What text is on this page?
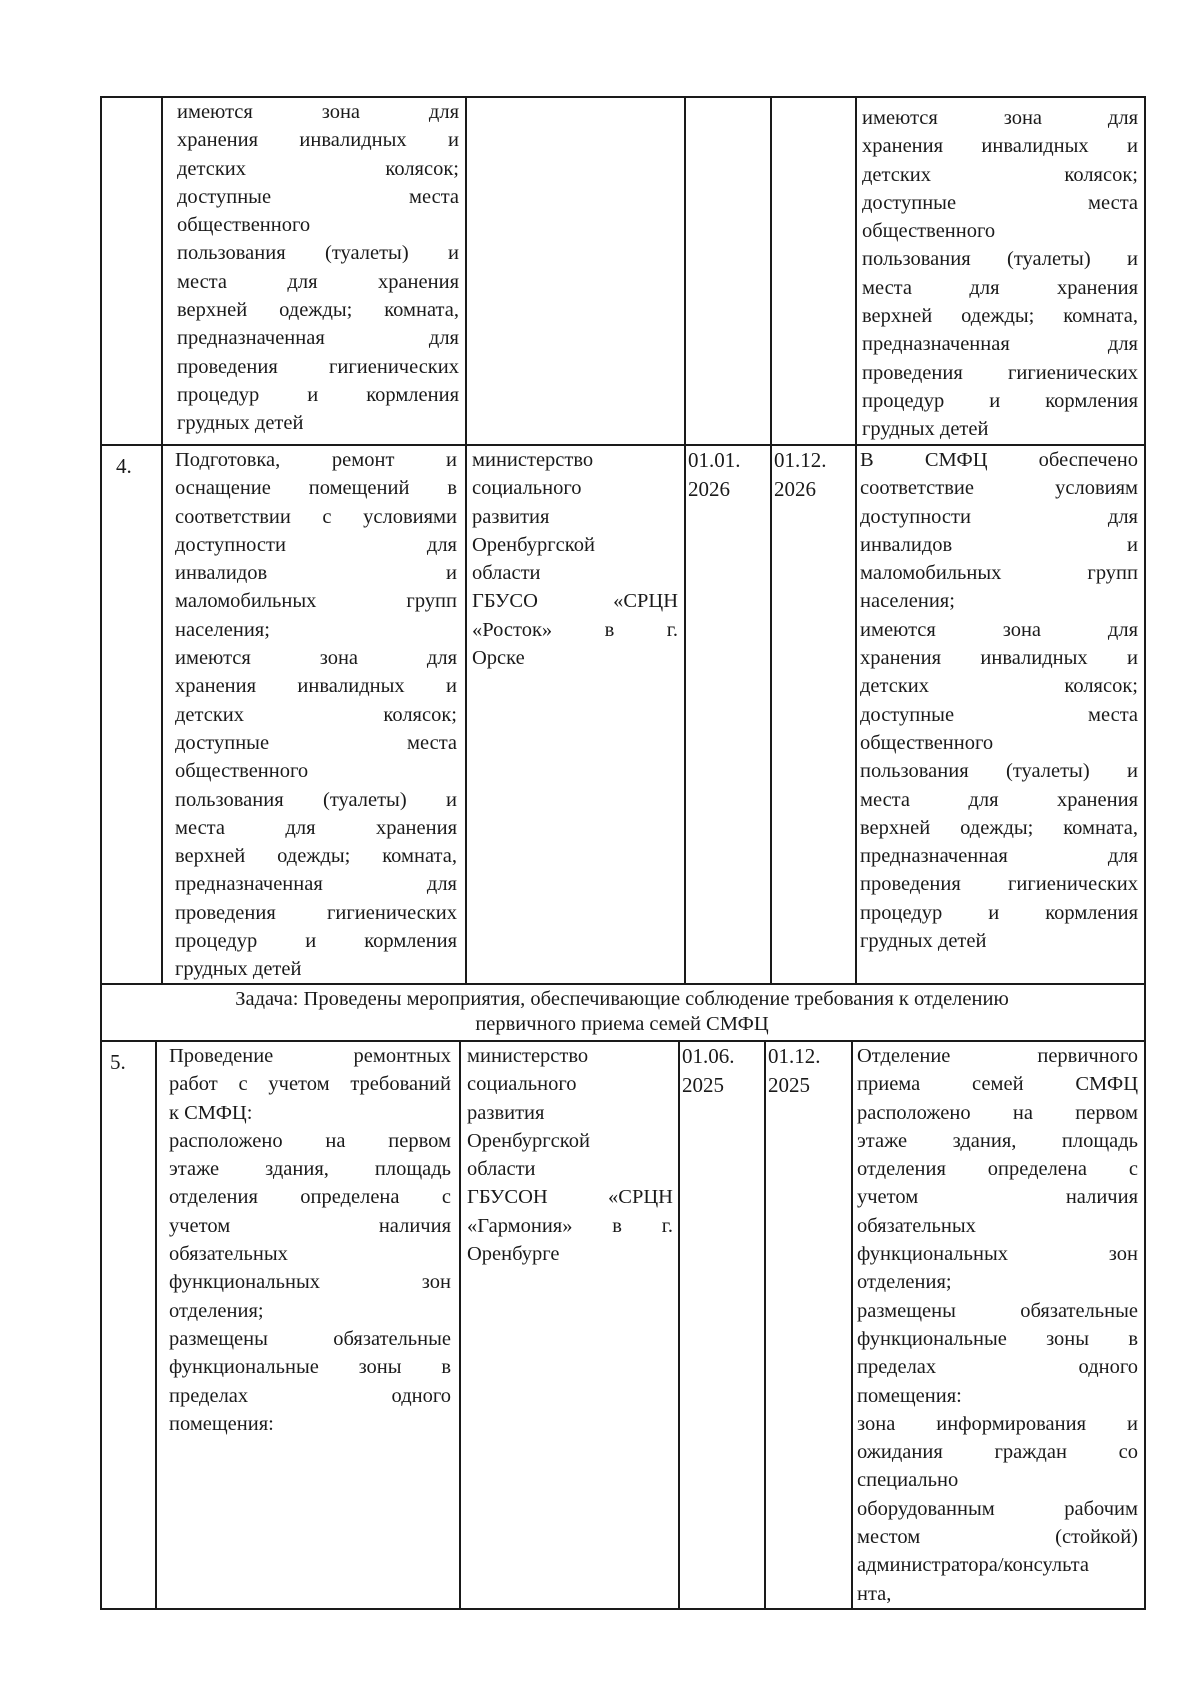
имеются зона для
хранения инвалидных и
детских колясок;
доступные места
общественного
пользования (туалеты) и
места для хранения
верхней одежды; комната,
предназначенная для
проведения гигиенических
процедур и кормления
грудных детей
имеются зона для
хранения инвалидных и
детских колясок;
доступные места
общественного
пользования (туалеты) и
места для хранения
верхней одежды; комната,
предназначенная для
проведения гигиенических
процедур и кормления
грудных детей
4. Подготовка, ремонт и
оснащение помещений в
соответствии с условиями
доступности для
инвалидов и
маломобильных групп
населения;
имеются зона для
хранения инвалидных и
детских колясок;
доступные места
общественного
пользования (туалеты) и
места для хранения
верхней одежды; комната,
предназначенная для
проведения гигиенических
процедур и кормления
грудных детей
министерство
социального
развития
Оренбургской
области
ГБУСО «СРЦН
«Росток» в г.
Орске
01.01.
2026
01.12.
2026
В СМФЦ обеспечено
соответствие условиям
доступности для
инвалидов и
маломобильных групп
населения;
имеются зона для
хранения инвалидных и
детских колясок;
доступные места
общественного
пользования (туалеты) и
места для хранения
верхней одежды; комната,
предназначенная для
проведения гигиенических
процедур и кормления
грудных детей
Задача: Проведены мероприятия, обеспечивающие соблюдение требования к отделению
первичного приема семей СМФЦ
5. Проведение ремонтных
работ с учетом требований
к СМФЦ:
расположено на первом
этаже здания, площадь
отделения определена с
учетом наличия
обязательных
функциональных зон
отделения;
размещены обязательные
функциональные зоны в
пределах одного
помещения:
министерство
социального
развития
Оренбургской
области
ГБУСОН «СРЦН
«Гармония» в г.
Оренбурге
01.06.
2025
01.12.
2025
Отделение первичного
приема семей СМФЦ
расположено на первом
этаже здания, площадь
отделения определена с
учетом наличия
обязательных
функциональных зон
отделения;
размещены обязательные
функциональные зоны в
пределах одного
помещения:
зона информирования и
ожидания граждан со
специально
оборудованным рабочим
местом (стойкой)
администратора/консульта
нта,
